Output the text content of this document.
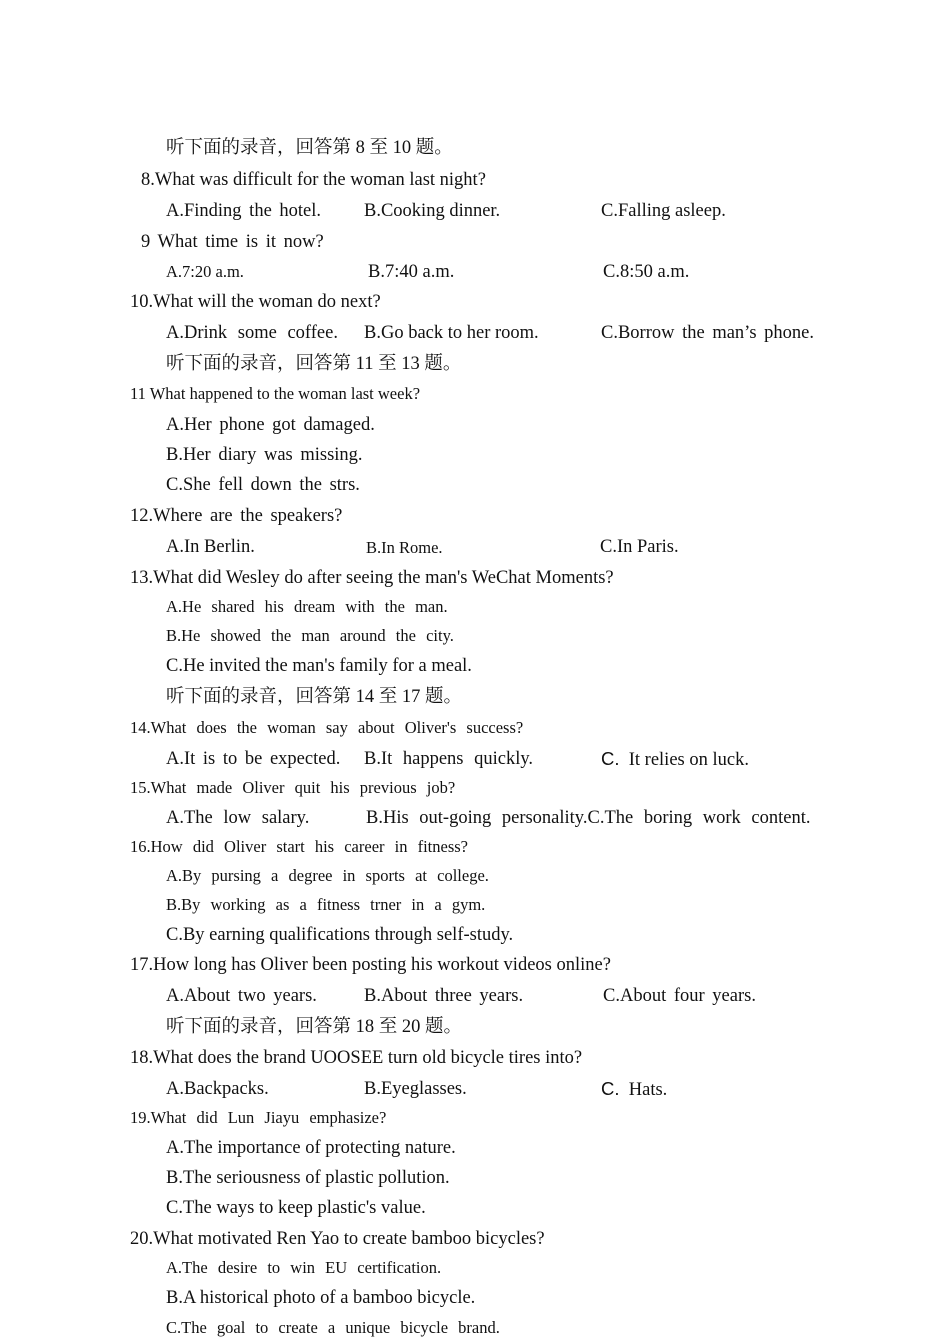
听下面的录音，回答第 8 至 10 题。
8.What was difficult for the woman last night?
A.Finding the hotel. B.Cooking dinner.	C.Falling asleep.
9 What time is it now?
A.7:20 a.m.	B.7:40 a.m.	C.8:50 a.m.
10.What will the woman do next?
A.Drink some coffee. B.Go back to her room.	C.Borrow the man’s phone.
听下面的录音，回答第 11 至 13 题。
11 What happened to the woman last week?
A.Her phone got damaged.
B.Her diary was missing.
C.She fell down the strs.
12.Where are the speakers?
A.In Berlin.	B.In Rome.	C.In Paris.
13.What did Wesley do after seeing the man's WeChat Moments?
A.He shared his dream with the man.
B.He showed the man around the city.
C.He invited the man's family for a meal.
听下面的录音，回答第 14 至 17 题。
14.What does the woman say about Oliver's success?
A.It is to be expected. B.It happens quickly.	C. It relies on luck.
15.What made Oliver quit his previous job?
A.The low salary.	B.His out-going personality.C.The boring work content.
16.How did Oliver start his career in fitness?
A.By pursing a degree in sports at college.
B.By working as a fitness trner in a gym.
C.By earning qualifications through self-study.
17.How long has Oliver been posting his workout videos online?
A.About two years.	B.About three years.	C.About four years.
听下面的录音，回答第 18 至 20 题。
18.What does the brand UOOSEE turn old bicycle tires into?
A.Backpacks.	B.Eyeglasses.	C. Hats.
19.What did Lun Jiayu emphasize?
A.The importance of protecting nature.
B.The seriousness of plastic pollution.
C.The ways to keep plastic's value.
20.What motivated Ren Yao to create bamboo bicycles?
A.The desire to win EU certification.
B.A historical photo of a bamboo bicycle.
C.The goal to create a unique bicycle brand.
